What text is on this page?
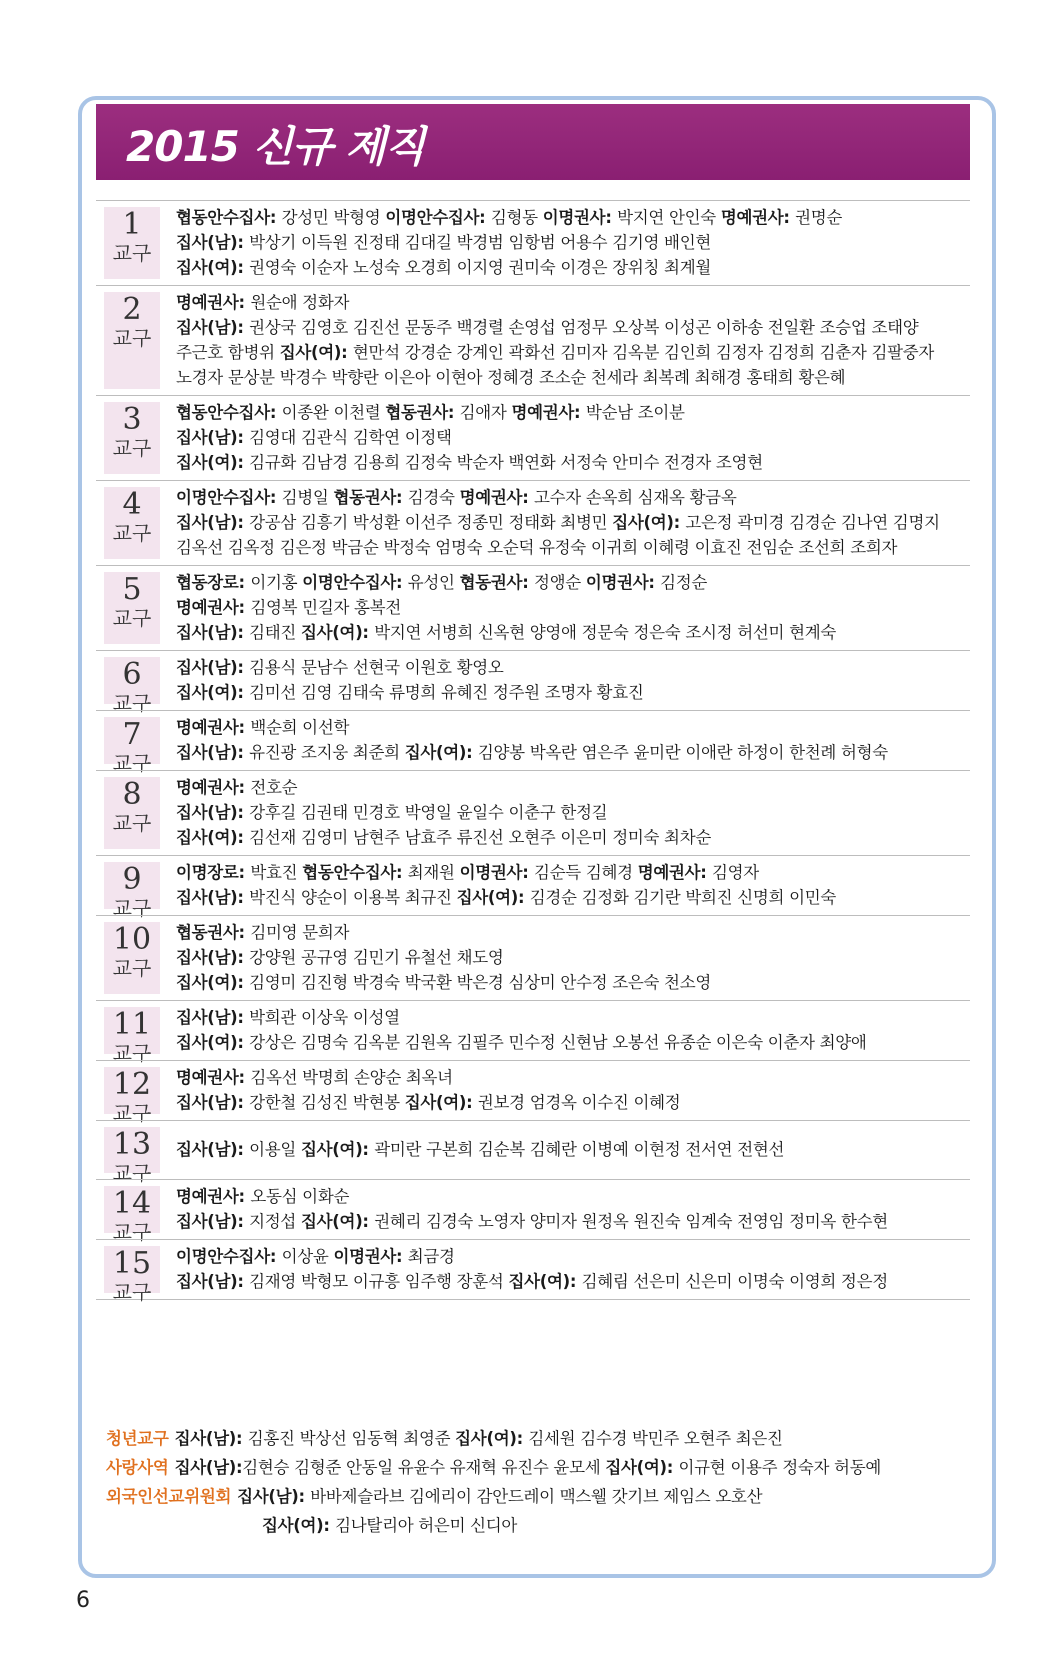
2015 신규 제직
1
교구
협동안수집사: 강성민 박형영 이명안수집사: 김형동 이명권사: 박지연 안인숙 명예권사: 권명순
집사(남): 박상기 이득원 진정태 김대길 박경범 임항범 어용수 김기영 배인현
집사(여): 권영숙 이순자 노성숙 오경희 이지영 권미숙 이경은 장위칭 최계월
2
교구
명예권사: 원순애 정화자
집사(남): 권상국 김영호 김진선 문동주 백경렬 손영섭 엄정무 오상복 이성곤 이하송 전일환 조승업 조태양
주근호 함병위 집사(여): 현만석 강경순 강계인 곽화선 김미자 김옥분 김인희 김정자 김정희 김춘자 김팔중자
노경자 문상분 박경수 박향란 이은아 이현아 정혜경 조소순 천세라 최복례 최해경 홍태희 황은혜
3
교구
협동안수집사: 이종완 이천렬 협동권사: 김애자 명예권사: 박순남 조이분
집사(남): 김영대 김관식 김학연 이정택
집사(여): 김규화 김남경 김용희 김정숙 박순자 백연화 서정숙 안미수 전경자 조영현
4
교구
이명안수집사: 김병일 협동권사: 김경숙 명예권사: 고수자 손옥희 심재옥 황금옥
집사(남): 강공삼 김흥기 박성환 이선주 정종민 정태화 최병민 집사(여): 고은정 곽미경 김경순 김나연 김명지
김옥선 김옥정 김은정 박금순 박정숙 엄명숙 오순덕 유정숙 이귀희 이혜령 이효진 전임순 조선희 조희자
5
교구
협동장로: 이기홍 이명안수집사: 유성인 협동권사: 정앵순 이명권사: 김정순
명예권사: 김영복 민길자 홍복전
집사(남): 김태진 집사(여): 박지연 서병희 신옥현 양영애 정문숙 정은숙 조시정 허선미 현계숙
6
교구
집사(남): 김용식 문남수 선현국 이원호 황영오
집사(여): 김미선 김영 김태숙 류명희 유혜진 정주원 조명자 황효진
7
교구
명예권사: 백순희 이선학
집사(남): 유진광 조지웅 최준희 집사(여): 김양봉 박옥란 염은주 윤미란 이애란 하정이 한천례 허형숙
8
교구
명예권사: 전호순
집사(남): 강후길 김권태 민경호 박영일 윤일수 이춘구 한정길
집사(여): 김선재 김영미 남현주 남효주 류진선 오현주 이은미 정미숙 최차순
9
교구
이명장로: 박효진 협동안수집사: 최재원 이명권사: 김순득 김혜경 명예권사: 김영자
집사(남): 박진식 양순이 이용복 최규진 집사(여): 김경순 김정화 김기란 박희진 신명희 이민숙
10
교구
협동권사: 김미영 문희자
집사(남): 강양원 공규영 김민기 유철선 채도영
집사(여): 김영미 김진형 박경숙 박국환 박은경 심상미 안수정 조은숙 천소영
11
교구
집사(남): 박희관 이상욱 이성열
집사(여): 강상은 김명숙 김옥분 김원옥 김필주 민수정 신현남 오봉선 유종순 이은숙 이춘자 최양애
12
교구
명예권사: 김옥선 박명희 손양순 최옥녀
집사(남): 강한철 김성진 박현봉 집사(여): 권보경 엄경옥 이수진 이혜정
13
교구
집사(남): 이용일 집사(여): 곽미란 구본희 김순복 김혜란 이병예 이현정 전서연 전현선
14
교구
명예권사: 오동심 이화순
집사(남): 지정섭 집사(여): 권혜리 김경숙 노영자 양미자 원정옥 원진숙 임계숙 전영임 정미옥 한수현
15
교구
이명안수집사: 이상윤 이명권사: 최금경
집사(남): 김재영 박형모 이규흥 임주행 장훈석 집사(여): 김혜림 선은미 신은미 이명숙 이영희 정은정
청년교구 집사(남): 김홍진 박상선 임동혁 최영준 집사(여): 김세원 김수경 박민주 오현주 최은진
사랑사역 집사(남):김현승 김형준 안동일 유윤수 유재혁 유진수 윤모세 집사(여): 이규현 이용주 정숙자 허동예
외국인선교위원회 집사(남): 바바제슬라브 김에리이 감안드레이 맥스웰 갓기브 제임스 오호산
집사(여): 김나탈리아 허은미 신디아
6
